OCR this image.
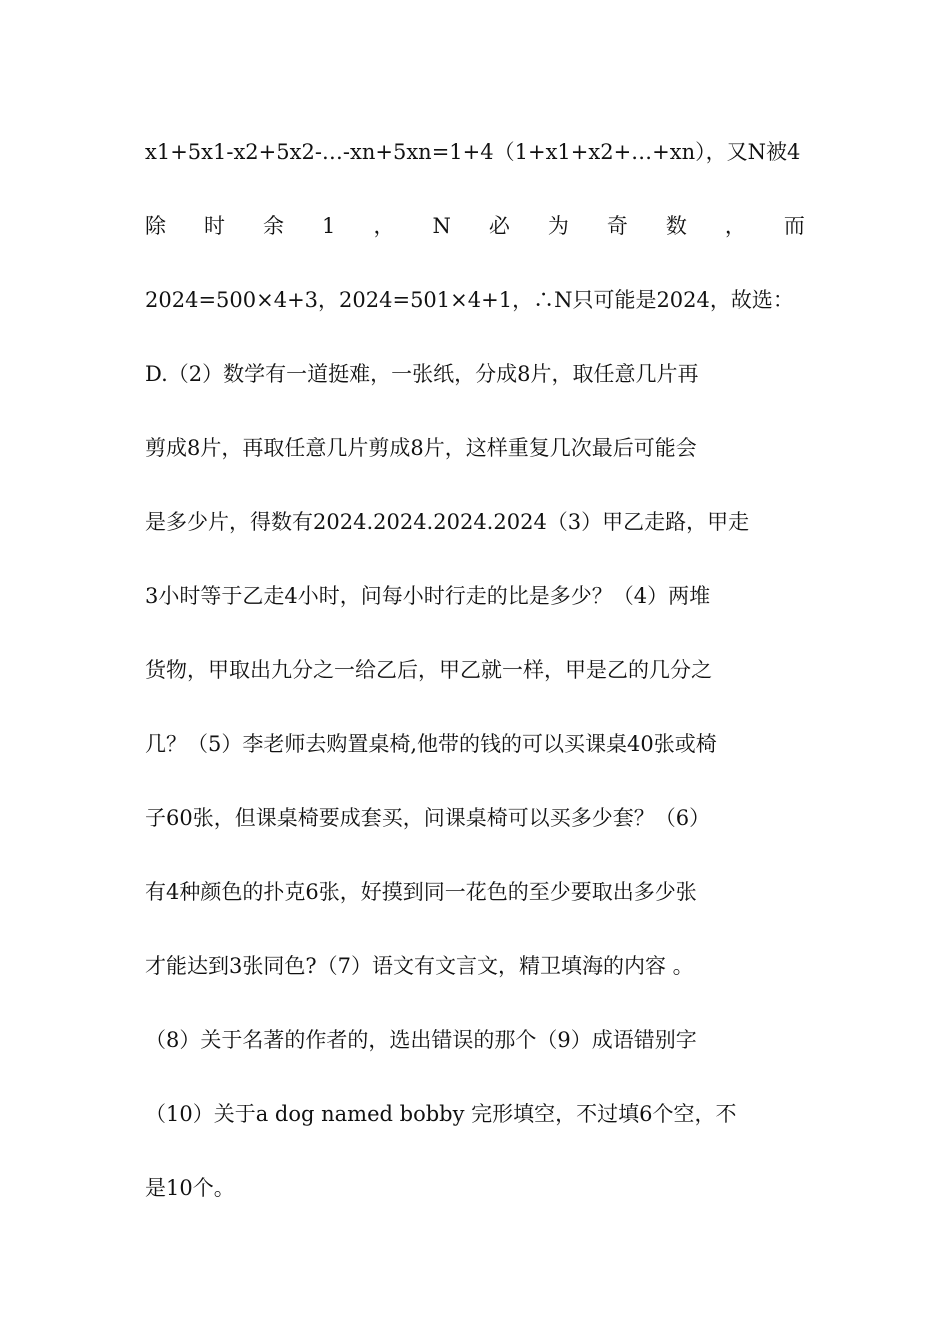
x1+5x1-x2+5x2-…-xn+5xn=1+4（1+x1+x2+…+xn），又N被4
除 时 余 1 ， N 必 为 奇 数 ， 而
2024=500×4+3，2024=501×4+1，∴N只可能是2024，故选：
D.（2）数学有一道挺难，一张纸，分成8片，取任意几片再
剪成8片，再取任意几片剪成8片，这样重复几次最后可能会
是多少片，得数有2024.2024.2024.2024（3）甲乙走路，甲走
3小时等于乙走4小时，问每小时行走的比是多少？（4）两堆
货物，甲取出九分之一给乙后，甲乙就一样，甲是乙的几分之
几？（5）李老师去购置桌椅,他带的钱的可以买课桌40张或椅
子60张，但课桌椅要成套买，问课桌椅可以买多少套？（6）
有4种颜色的扑克6张，好摸到同一花色的至少要取出多少张
才能达到3张同色?（7）语文有文言文，精卫填海的内容 。
（8）关于名著的作者的，选出错误的那个（9）成语错别字
（10）关于a dog named bobby 完形填空，不过填6个空，不
是10个。
